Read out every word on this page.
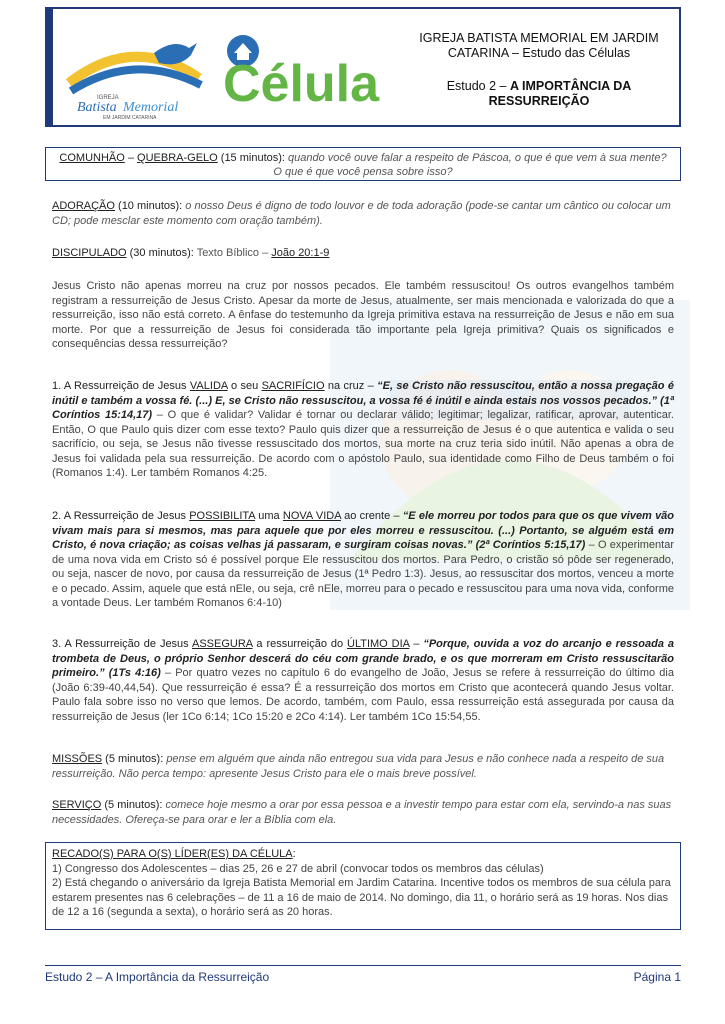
IGREJA
Batista Memorial
EM JARDIM CATARINA
Célula
IGREJA BATISTA MEMORIAL EM JARDIM
CATARINA – Estudo das Células
Estudo 2 – A IMPORTÂNCIA DA
RESSURREIÇÃO
COMUNHÃO – QUEBRA-GELO (15 minutos): quando você ouve falar a respeito de Páscoa, o que é que vem à sua mente? O que é que você pensa sobre isso?
ADORAÇÃO (10 minutos): o nosso Deus é digno de todo louvor e de toda adoração (pode-se cantar um cântico ou colocar um CD; pode mesclar este momento com oração também).
DISCIPULADO (30 minutos): Texto Bíblico – João 20:1-9
Jesus Cristo não apenas morreu na cruz por nossos pecados. Ele também ressuscitou! Os outros evangelhos também registram a ressurreição de Jesus Cristo. Apesar da morte de Jesus, atualmente, ser mais mencionada e valorizada do que a ressurreição, isso não está correto. A ênfase do testemunho da Igreja primitiva estava na ressurreição de Jesus e não em sua morte. Por que a ressurreição de Jesus foi considerada tão importante pela Igreja primitiva? Quais os significados e consequências dessa ressurreição?
1. A Ressurreição de Jesus VALIDA o seu SACRIFÍCIO na cruz – “E, se Cristo não ressuscitou, então a nossa pregação é inútil e também a vossa fé. (...) E, se Cristo não ressuscitou, a vossa fé é inútil e ainda estais nos vossos pecados.” (1ª Coríntios 15:14,17) – O que é validar? Validar é tornar ou declarar válido; legitimar; legalizar, ratificar, aprovar, autenticar. Então, O que Paulo quis dizer com esse texto? Paulo quis dizer que a ressurreição de Jesus é o que autentica e valida o seu sacrifício, ou seja, se Jesus não tivesse ressuscitado dos mortos, sua morte na cruz teria sido inútil. Não apenas a obra de Jesus foi validada pela sua ressurreição. De acordo com o apóstolo Paulo, sua identidade como Filho de Deus também o foi (Romanos 1:4). Ler também Romanos 4:25.
2. A Ressurreição de Jesus POSSIBILITA uma NOVA VIDA ao crente – “E ele morreu por todos para que os que vivem vão vivam mais para si mesmos, mas para aquele que por eles morreu e ressuscitou. (...) Portanto, se alguém está em Cristo, é nova criação; as coisas velhas já passaram, e surgiram coisas novas.” (2ª Coríntios 5:15,17) – O experimentar de uma nova vida em Cristo só é possível porque Ele ressuscitou dos mortos. Para Pedro, o cristão só pôde ser regenerado, ou seja, nascer de novo, por causa da ressurreição de Jesus (1ª Pedro 1:3). Jesus, ao ressuscitar dos mortos, venceu a morte e o pecado. Assim, aquele que está nEle, ou seja, crê nEle, morreu para o pecado e ressuscitou para uma nova vida, conforme a vontade Deus. Ler também Romanos 6:4-10)
3. A Ressurreição de Jesus ASSEGURA a ressurreição do ÚLTIMO DIA – “Porque, ouvida a voz do arcanjo e ressoada a trombeta de Deus, o próprio Senhor descerá do céu com grande brado, e os que morreram em Cristo ressuscitarão primeiro.” (1Ts 4:16) – Por quatro vezes no capítulo 6 do evangelho de João, Jesus se refere à ressurreição do último dia (João 6:39-40,44,54). Que ressurreição é essa? É a ressurreição dos mortos em Cristo que acontecerá quando Jesus voltar. Paulo fala sobre isso no verso que lemos. De acordo, também, com Paulo, essa ressurreição está assegurada por causa da ressurreição de Jesus (ler 1Co 6:14; 1Co 15:20 e 2Co 4:14). Ler também 1Co 15:54,55.
MISSÕES (5 minutos): pense em alguém que ainda não entregou sua vida para Jesus e não conhece nada a respeito de sua ressurreição. Não perca tempo: apresente Jesus Cristo para ele o mais breve possível.
SERVIÇO (5 minutos): comece hoje mesmo a orar por essa pessoa e a investir tempo para estar com ela, servindo-a nas suas necessidades. Ofereça-se para orar e ler a Bíblia com ela.
RECADO(S) PARA O(S) LÍDER(ES) DA CÉLULA:
1) Congresso dos Adolescentes – dias 25, 26 e 27 de abril (convocar todos os membros das células)
2) Está chegando o aniversário da Igreja Batista Memorial em Jardim Catarina. Incentive todos os membros de sua célula para estarem presentes nas 6 celebrações – de 11 a 16 de maio de 2014. No domingo, dia 11, o horário será as 19 horas. Nos dias de 12 a 16 (segunda a sexta), o horário será as 20 horas.
Estudo 2 – A Importância da Ressurreição	Página 1
